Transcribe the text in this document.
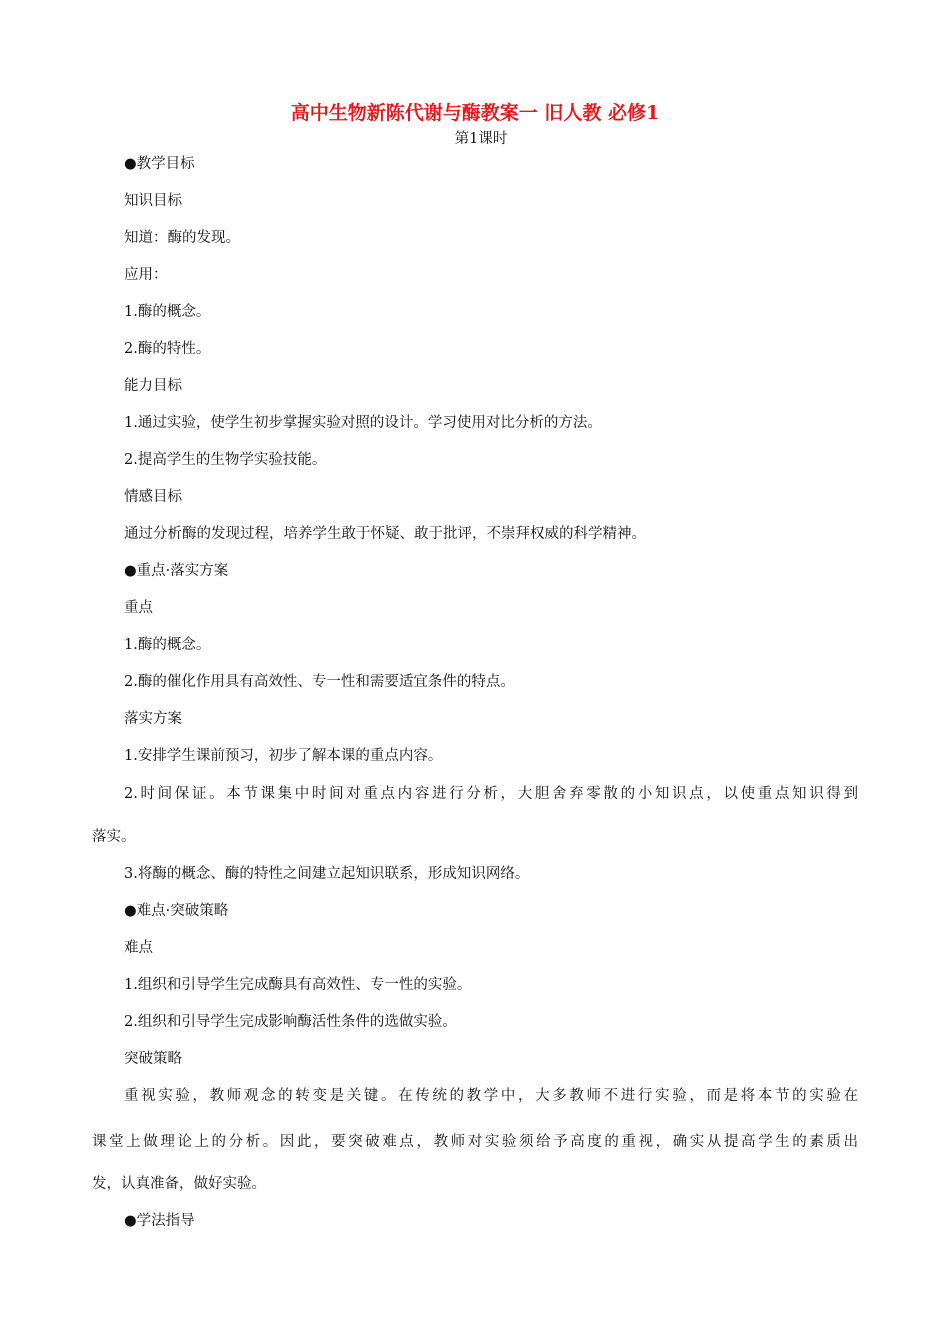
高中生物新陈代谢与酶教案一 旧人教 必修1
第1课时
●教学目标
知识目标
知道：酶的发现。
应用：
1.酶的概念。
2.酶的特性。
能力目标
1.通过实验，使学生初步掌握实验对照的设计。学习使用对比分析的方法。
2.提高学生的生物学实验技能。
情感目标
通过分析酶的发现过程，培养学生敢于怀疑、敢于批评，不崇拜权威的科学精神。
●重点·落实方案
重点
1.酶的概念。
2.酶的催化作用具有高效性、专一性和需要适宜条件的特点。
落实方案
1.安排学生课前预习，初步了解本课的重点内容。
2.时间保证。本节课集中时间对重点内容进行分析，大胆舍弃零散的小知识点，以使重点知识得到
落实。
3.将酶的概念、酶的特性之间建立起知识联系，形成知识网络。
●难点·突破策略
难点
1.组织和引导学生完成酶具有高效性、专一性的实验。
2.组织和引导学生完成影响酶活性条件的选做实验。
突破策略
重视实验，教师观念的转变是关键。在传统的教学中，大多教师不进行实验，而是将本节的实验在
课堂上做理论上的分析。因此，要突破难点，教师对实验须给予高度的重视，确实从提高学生的素质出
发，认真准备，做好实验。
●学法指导
